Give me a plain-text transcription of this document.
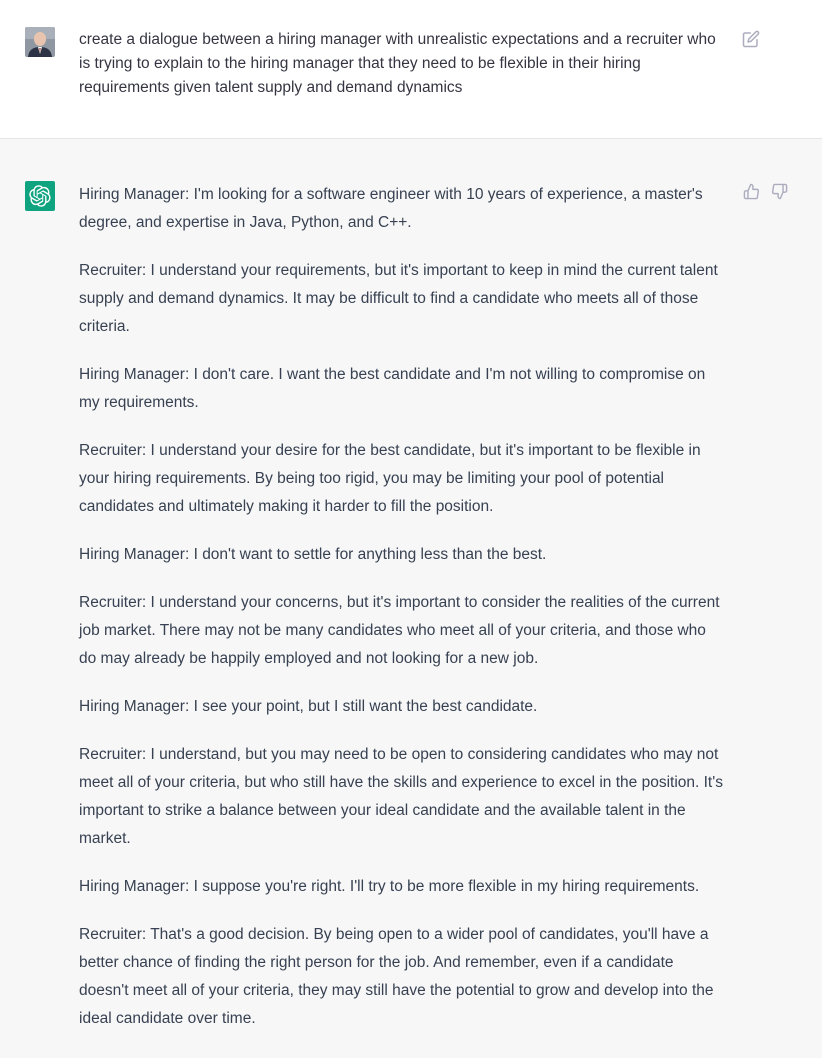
create a dialogue between a hiring manager with unrealistic expectations and a recruiter who is trying to explain to the hiring manager that they need to be flexible in their hiring requirements given talent supply and demand dynamics

Hiring Manager: I'm looking for a software engineer with 10 years of experience, a master's degree, and expertise in Java, Python, and C++.

Recruiter: I understand your requirements, but it's important to keep in mind the current talent supply and demand dynamics. It may be difficult to find a candidate who meets all of those criteria.

Hiring Manager: I don't care. I want the best candidate and I'm not willing to compromise on my requirements.

Recruiter: I understand your desire for the best candidate, but it's important to be flexible in your hiring requirements. By being too rigid, you may be limiting your pool of potential candidates and ultimately making it harder to fill the position.

Hiring Manager: I don't want to settle for anything less than the best.

Recruiter: I understand your concerns, but it's important to consider the realities of the current job market. There may not be many candidates who meet all of your criteria, and those who do may already be happily employed and not looking for a new job.

Hiring Manager: I see your point, but I still want the best candidate.

Recruiter: I understand, but you may need to be open to considering candidates who may not meet all of your criteria, but who still have the skills and experience to excel in the position. It's important to strike a balance between your ideal candidate and the available talent in the market.

Hiring Manager: I suppose you're right. I'll try to be more flexible in my hiring requirements.

Recruiter: That's a good decision. By being open to a wider pool of candidates, you'll have a better chance of finding the right person for the job. And remember, even if a candidate doesn't meet all of your criteria, they may still have the potential to grow and develop into the ideal candidate over time.
